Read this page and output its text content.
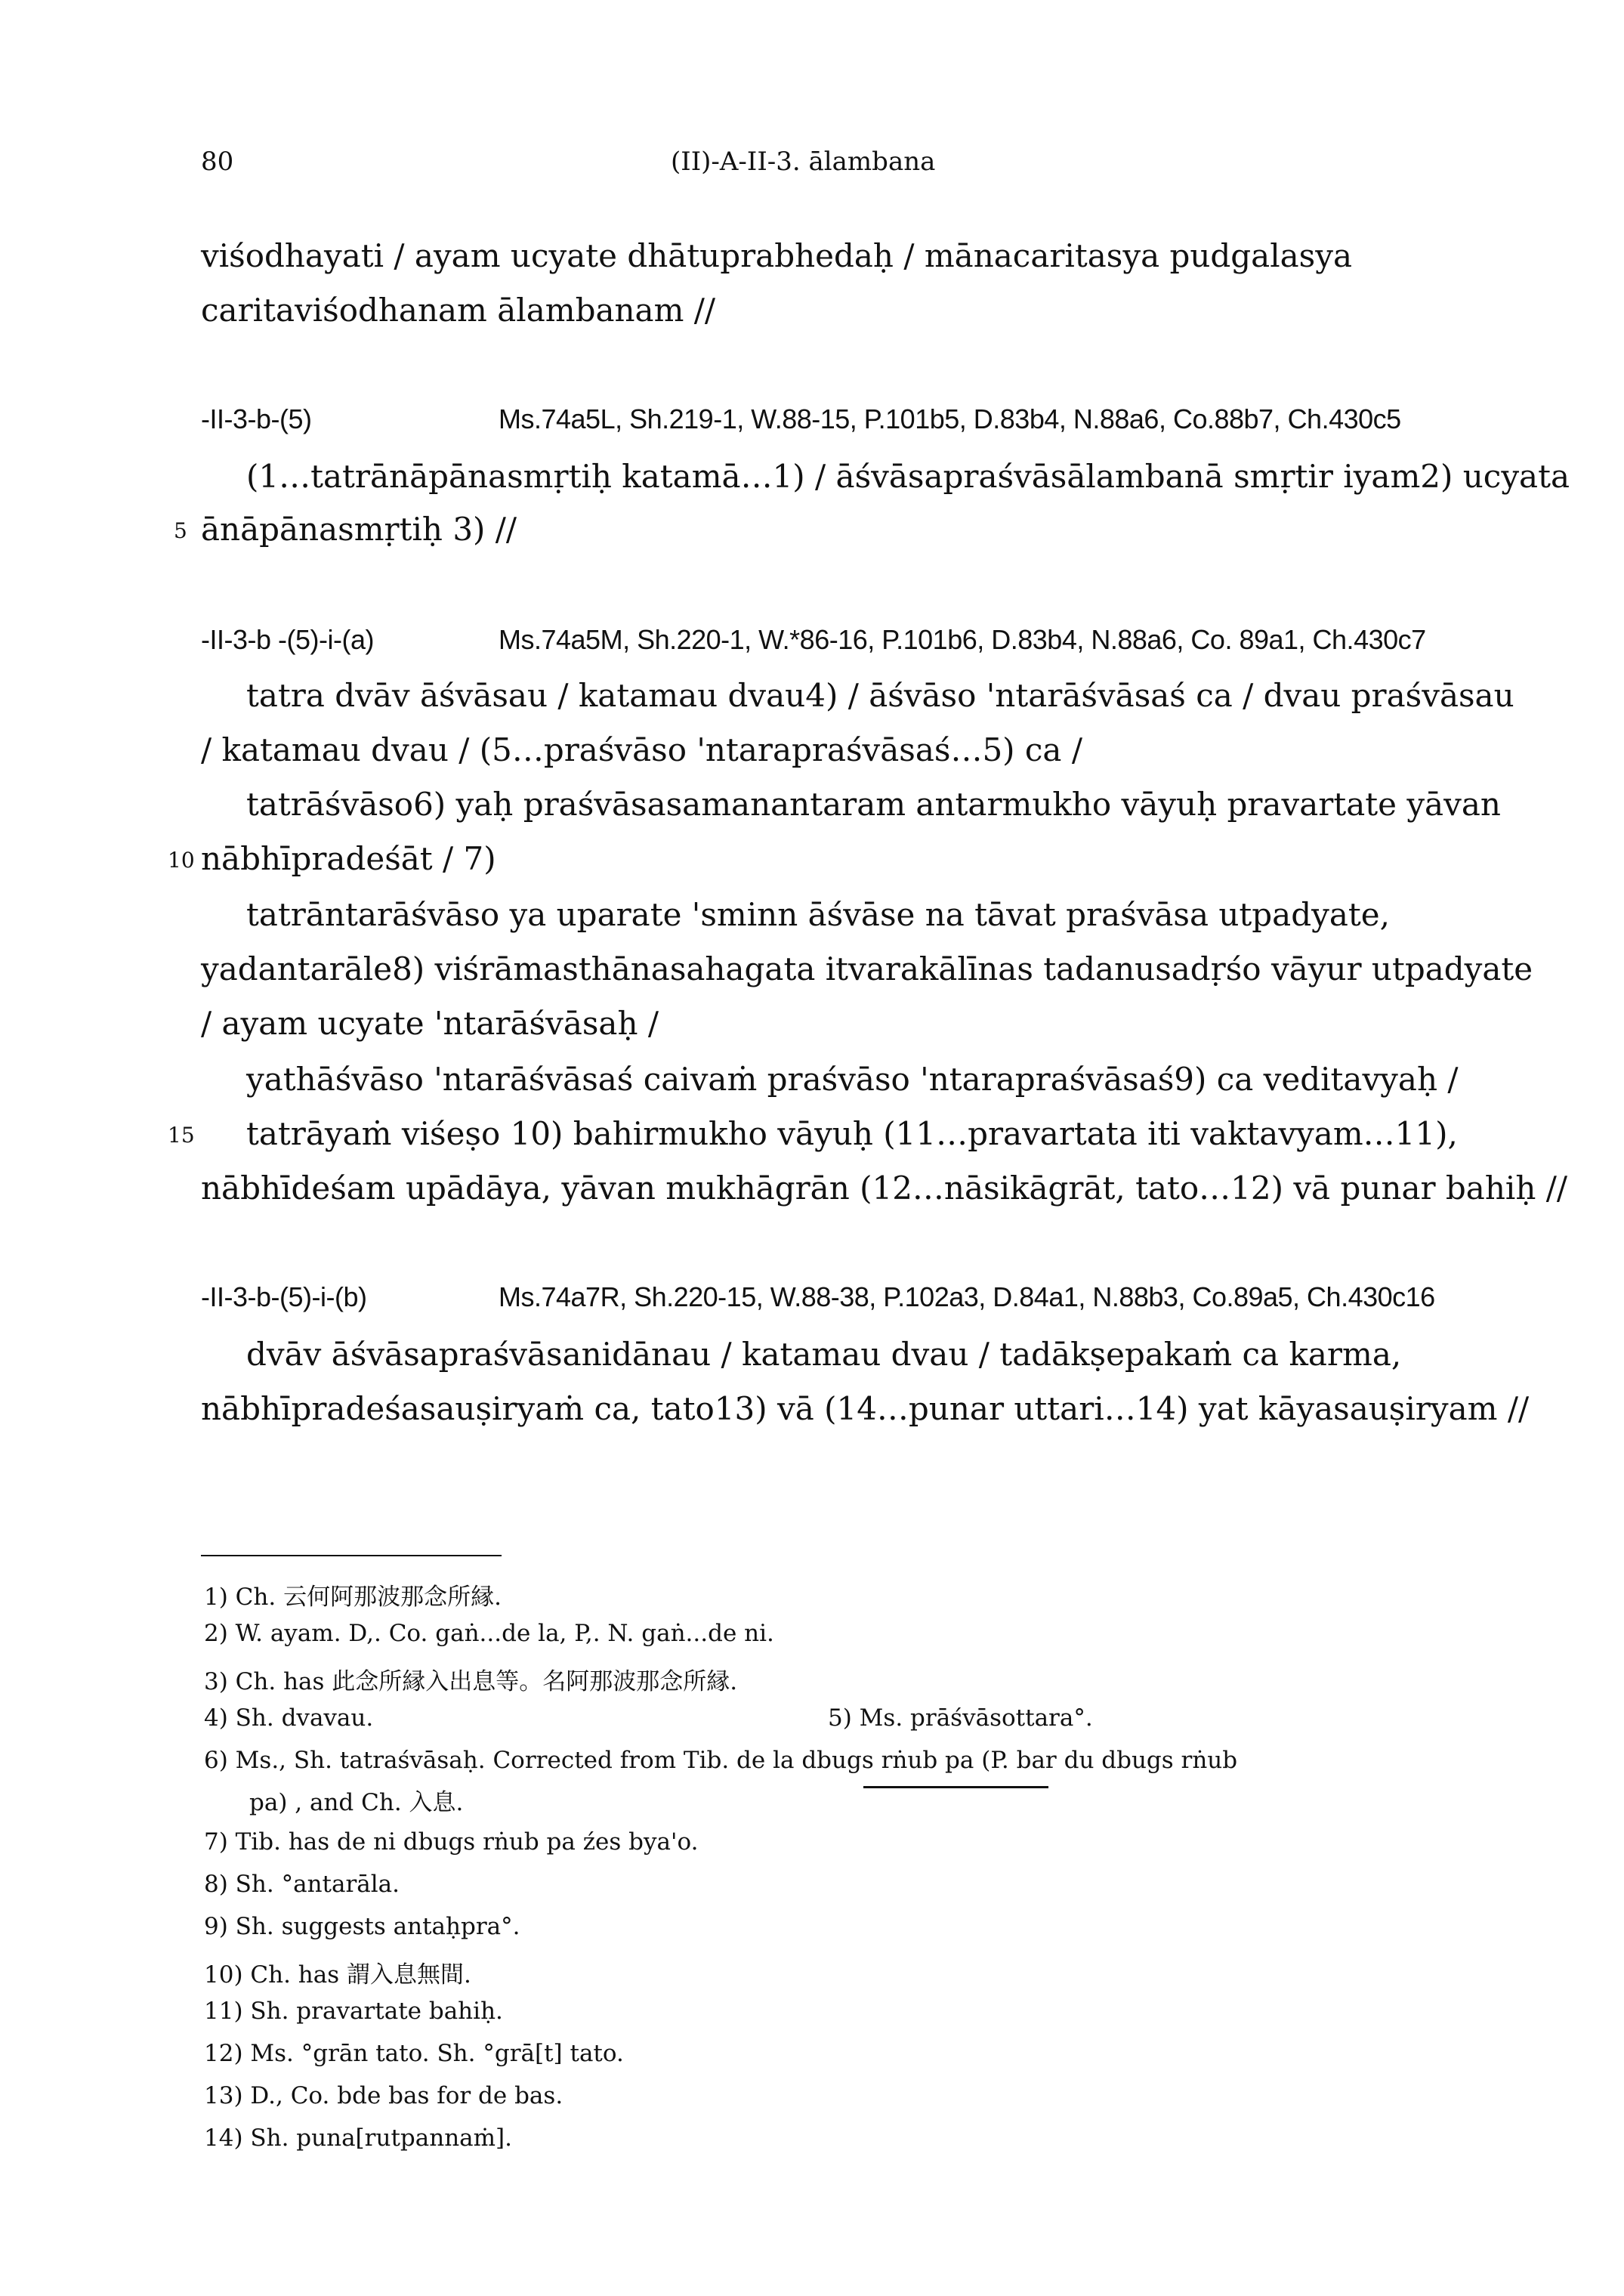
80	(II)-A-II-3. ālambana
viśodhayati / ayam ucyate dhātuprabhedaḥ / mānacaritasya pudgalasya
caritaviśodhanam ālambanam //
-II-3-b-(5)	Ms.74a5L, Sh.219-1, W.88-15, P.101b5, D.83b4, N.88a6, Co.88b7, Ch.430c5
(1…tatrānāpānasmṛtiḥ katamā…1) / āśvāsapraśvāsālambanā smṛtir iyam2) ucyata
5 ānāpānasmṛtiḥ 3) //
-II-3-b -(5)-i-(a)	Ms.74a5M, Sh.220-1, W.*86-16, P.101b6, D.83b4, N.88a6, Co. 89a1, Ch.430c7
tatra dvāv āśvāsau / katamau dvau4) / āśvāso 'ntarāśvāsaś ca / dvau praśvāsau
/ katamau dvau / (5…praśvāso 'ntarapraśvāsaś…5) ca /
tatrāśvāso6) yaḥ praśvāsasamanantaram antarmukho vāyuḥ pravartate yāvan
10 nābhīpradeśāt / 7)
tatrāntarāśvāso ya uparate 'sminn āśvāse na tāvat praśvāsa utpadyate,
yadantarāle8) viśrāmasthānasahagata itvarakālīnas tadanusadṛśo vāyur utpadyate
/ ayam ucyate 'ntarāśvāsaḥ /
yathāśvāso 'ntarāśvāsaś caivaṁ praśvāso 'ntarapraśvāsaś9) ca veditavyaḥ /
15 tatrāyaṁ viśeṣo 10) bahirmukho vāyuḥ (11…pravartata iti vaktavyam…11),
nābhīdeśam upādāya, yāvan mukhāgrān (12…nāsikāgrāt, tato…12) vā punar bahiḥ //
-II-3-b-(5)-i-(b)	Ms.74a7R, Sh.220-15, W.88-38, P.102a3, D.84a1, N.88b3, Co.89a5, Ch.430c16
dvāv āśvāsapraśvāsanidānau / katamau dvau / tadākṣepakaṁ ca karma,
nābhīpradeśasauṣiryaṁ ca, tato13) vā (14…punar uttari…14) yat kāyasauṣiryam //
1) Ch. 云何阿那波那念所縁.
2) W. ayam. D,. Co. gaṅ...de la, P,. N. gaṅ...de ni.
3) Ch. has 此念所縁入出息等。名阿那波那念所縁.
4) Sh. dvavau.	5) Ms. prāśvāsottara°.
6) Ms., Sh. tatraśvāsaḥ. Corrected from Tib. de la dbugs rṅub pa (P. bar du dbugs rṅub
pa) , and Ch. 入息.
7) Tib. has de ni dbugs rṅub pa źes bya'o.
8) Sh. °antarāla.
9) Sh. suggests antaḥpra°.
10) Ch. has 謂入息無間.
11) Sh. pravartate bahiḥ.
12) Ms. °grān tato. Sh. °grā[t] tato.
13) D., Co. bde bas for de bas.
14) Sh. puna[rutpannaṁ].
